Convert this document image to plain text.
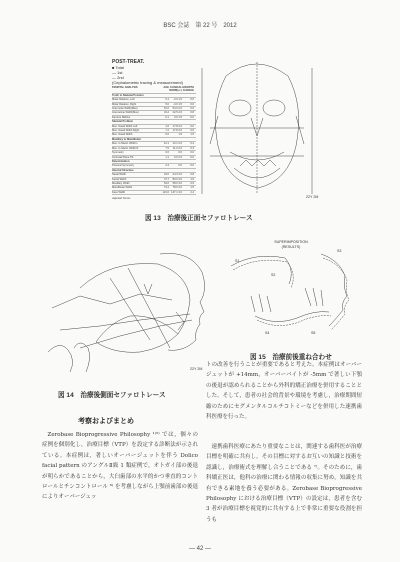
BSC 会誌　第 22 号　2012
POST-TREAT.
■ Total
— 1st
— 2nd
(Cephalometric tracing & measurement)
FRONTAL ANALYSIS	AGE CLINICAL NORM(+/-)
GROWTH CHANGE
Tooth to Skeletal Position
Molar Relation, Left	6.1	-3.0 1.5	0.0
Molar Relation, Right	5.0	-3.0 1.5	0.0
Intermolar Width(Max)	51.0	54.0 2.0	0.6
Intercanine Width(Max)	31.2	22.5 2.0	0.8
Denture Midline	0.1	0.0 1.5	0.0
Skeletal Problem
Max. Nasal Width Left	1.6	17.8 2.0	0.0
Max. Nasal Width Right	7.2	17.8 2.0	0.0
Max. Nasal Width	6.0	1.5	1.5
Maxillary to Mandibular
Max. to Mand. Width L	12.1	12.1 2.0	0.4
Max. to Mand. Width R	7.5	11.0 2.0	0.3
Symmetry	0.0	0.0	0.0
Occlusal Plane Tilt	1.1	0.0 2.0	0.0
Determination
Postural Symmetry	2.4	0.0	0.0
Internal Structure
Nasal Width	24.0	24.3 2.0	0.8
Facial Width	72.7	80.0 3.0	1.6
Maxillary Width	54.0	58.0 3.0	0.9
Mandibular Width	74.4	78.0 3.0	1.5
Face Width	121.0 127.1 3.0	2.4
Adjusted Norms	22Y 2M
図 13　治療後正面セファロトレース
22Y 2M
図 14　治療後側面セファロトレース
SUPERIMPOSITION
(RESULTS)
S1
S2
S3
S4	S5
図 15　治療前後重ね合わせ
考察およびまとめ
Zerobase Bioprogressive Philosophy ¹⁾⁵⁾ では，個々の症例を個別化し，治療目標（VTP）を設定する診断法が示されている。本症例は，著しいオーバージェットを伴う Dolico facial pattern のアングルⅡ級 1 類症例で，オトガイ部の後退が明らかであることから，大臼歯部の水平的かつ垂直的コントロールとチンコントロール ⁶⁾ を考慮しながら上顎前歯部の後退によりオーバージェッ
トの改善を行うことが重要であると考えた。本症例はオーバージェットが +14mm，オーバーバイトが -5mm で著しい下顎の後退が認められることから外科的矯正治療を併用することとした。そして，患者の社会的背景や環境を考慮し，治療期間短縮のためにセグメンタルコルチコトミーなどを併用した速携歯科医療を行った。
速携歯科医療にあたり重要なことは，関連する歯科医が治療目標を明確に共有し，その目標に対するお互いの知識と技術を認識し，治療術式を理解し合うことである ⁷⁾。そのために，歯科矯正医は，他科の治療に関わる情報の収集に努め，知識を共有できる素地を養う必要がある。Zerobase Bioprogressive Philosophy における治療目標（VTP）の設定は，患者を含む 3 者が治療目標を視覚的に共有する上で非常に重要な役割を担うも
— 42 —
